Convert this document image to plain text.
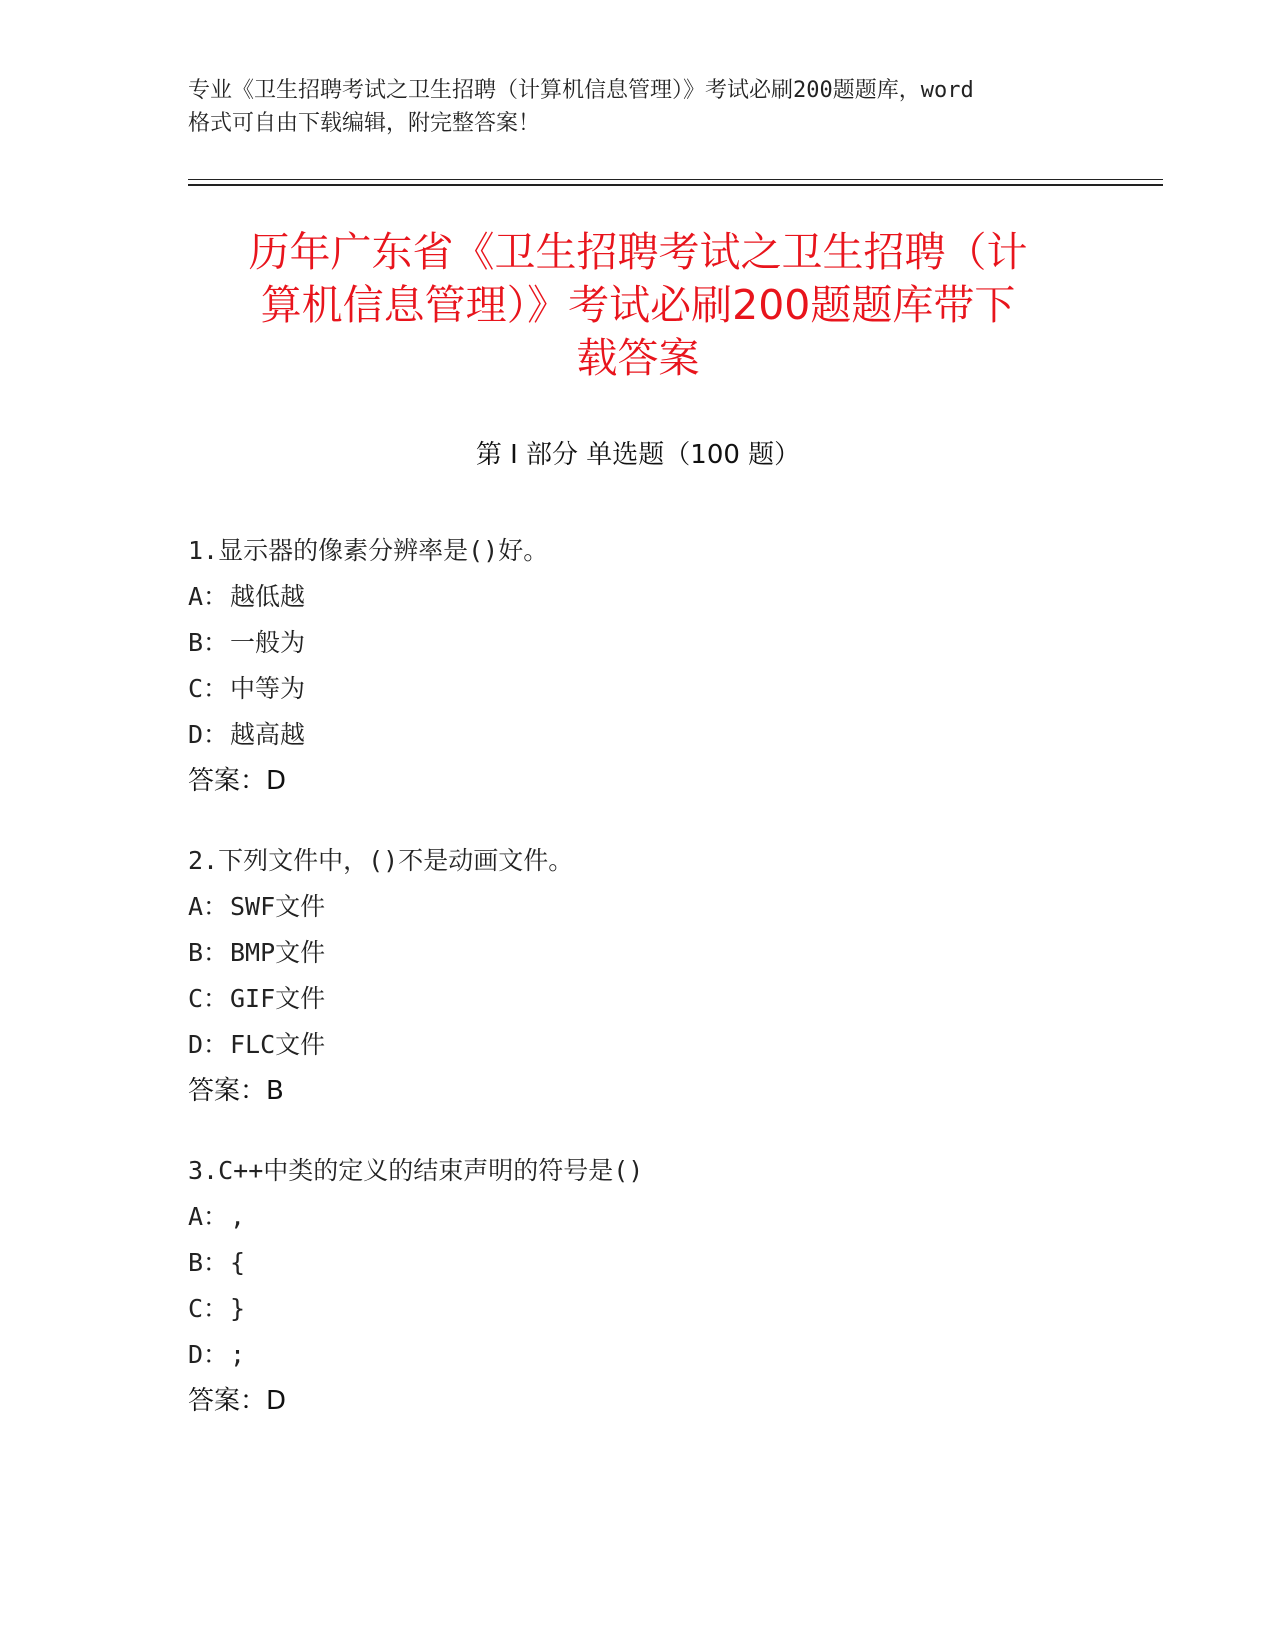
专业《卫生招聘考试之卫生招聘（计算机信息管理）》考试必刷200题题库，word
格式可自由下载编辑，附完整答案！
历年广东省《卫生招聘考试之卫生招聘（计
算机信息管理）》考试必刷200题题库带下
载答案
第 I 部分 单选题（100 题）
1.显示器的像素分辨率是()好。
A：越低越
B：一般为
C：中等为
D：越高越
答案：D
2.下列文件中，()不是动画文件。
A：SWF文件
B：BMP文件
C：GIF文件
D：FLC文件
答案：B
3.C++中类的定义的结束声明的符号是()
A：,
B：{
C：}
D：;
答案：D
